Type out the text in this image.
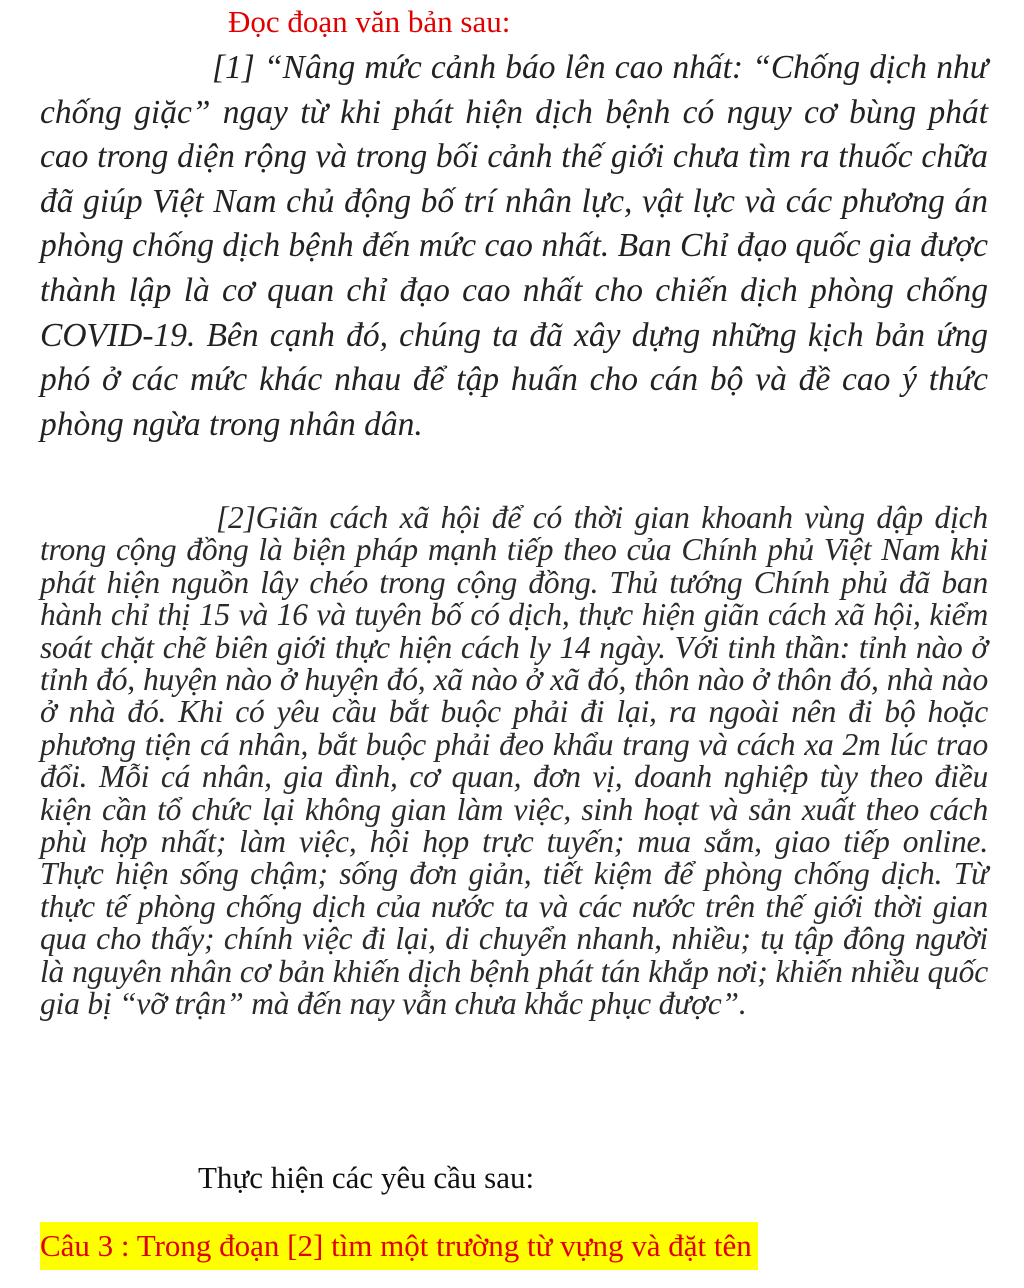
Đọc đoạn văn bản sau:

[1] “Nâng mức cảnh báo lên cao nhất: “Chống dịch như chống giặc” ngay từ khi phát hiện dịch bệnh có nguy cơ bùng phát cao trong diện rộng và trong bối cảnh thế giới chưa tìm ra thuốc chữa đã giúp Việt Nam chủ động bố trí nhân lực, vật lực và các phương án phòng chống dịch bệnh đến mức cao nhất. Ban Chỉ đạo quốc gia được thành lập là cơ quan chỉ đạo cao nhất cho chiến dịch phòng chống COVID-19. Bên cạnh đó, chúng ta đã xây dựng những kịch bản ứng phó ở các mức khác nhau để tập huấn cho cán bộ và đề cao ý thức phòng ngừa trong nhân dân.

[2]Giãn cách xã hội để có thời gian khoanh vùng dập dịch trong cộng đồng là biện pháp mạnh tiếp theo của Chính phủ Việt Nam khi phát hiện nguồn lây chéo trong cộng đồng. Thủ tướng Chính phủ đã ban hành chỉ thị 15 và 16 và tuyên bố có dịch, thực hiện giãn cách xã hội, kiểm soát chặt chẽ biên giới thực hiện cách ly 14 ngày. Với tinh thần: tỉnh nào ở tỉnh đó, huyện nào ở huyện đó, xã nào ở xã đó, thôn nào ở thôn đó, nhà nào ở nhà đó. Khi có yêu cầu bắt buộc phải đi lại, ra ngoài nên đi bộ hoặc phương tiện cá nhân, bắt buộc phải đeo khẩu trang và cách xa 2m lúc trao đổi. Mỗi cá nhân, gia đình, cơ quan, đơn vị, doanh nghiệp tùy theo điều kiện cần tổ chức lại không gian làm việc, sinh hoạt và sản xuất theo cách phù hợp nhất; làm việc, hội họp trực tuyến; mua sắm, giao tiếp online. Thực hiện sống chậm; sống đơn giản, tiết kiệm để phòng chống dịch. Từ thực tế phòng chống dịch của nước ta và các nước trên thế giới thời gian qua cho thấy; chính việc đi lại, di chuyển nhanh, nhiều; tụ tập đông người là nguyên nhân cơ bản khiến dịch bệnh phát tán khắp nơi; khiến nhiều quốc gia bị “vỡ trận” mà đến nay vẫn chưa khắc phục được”.

Thực hiện các yêu cầu sau:
Câu 3 : Trong đoạn [2] tìm một trường từ vựng và đặt tên
